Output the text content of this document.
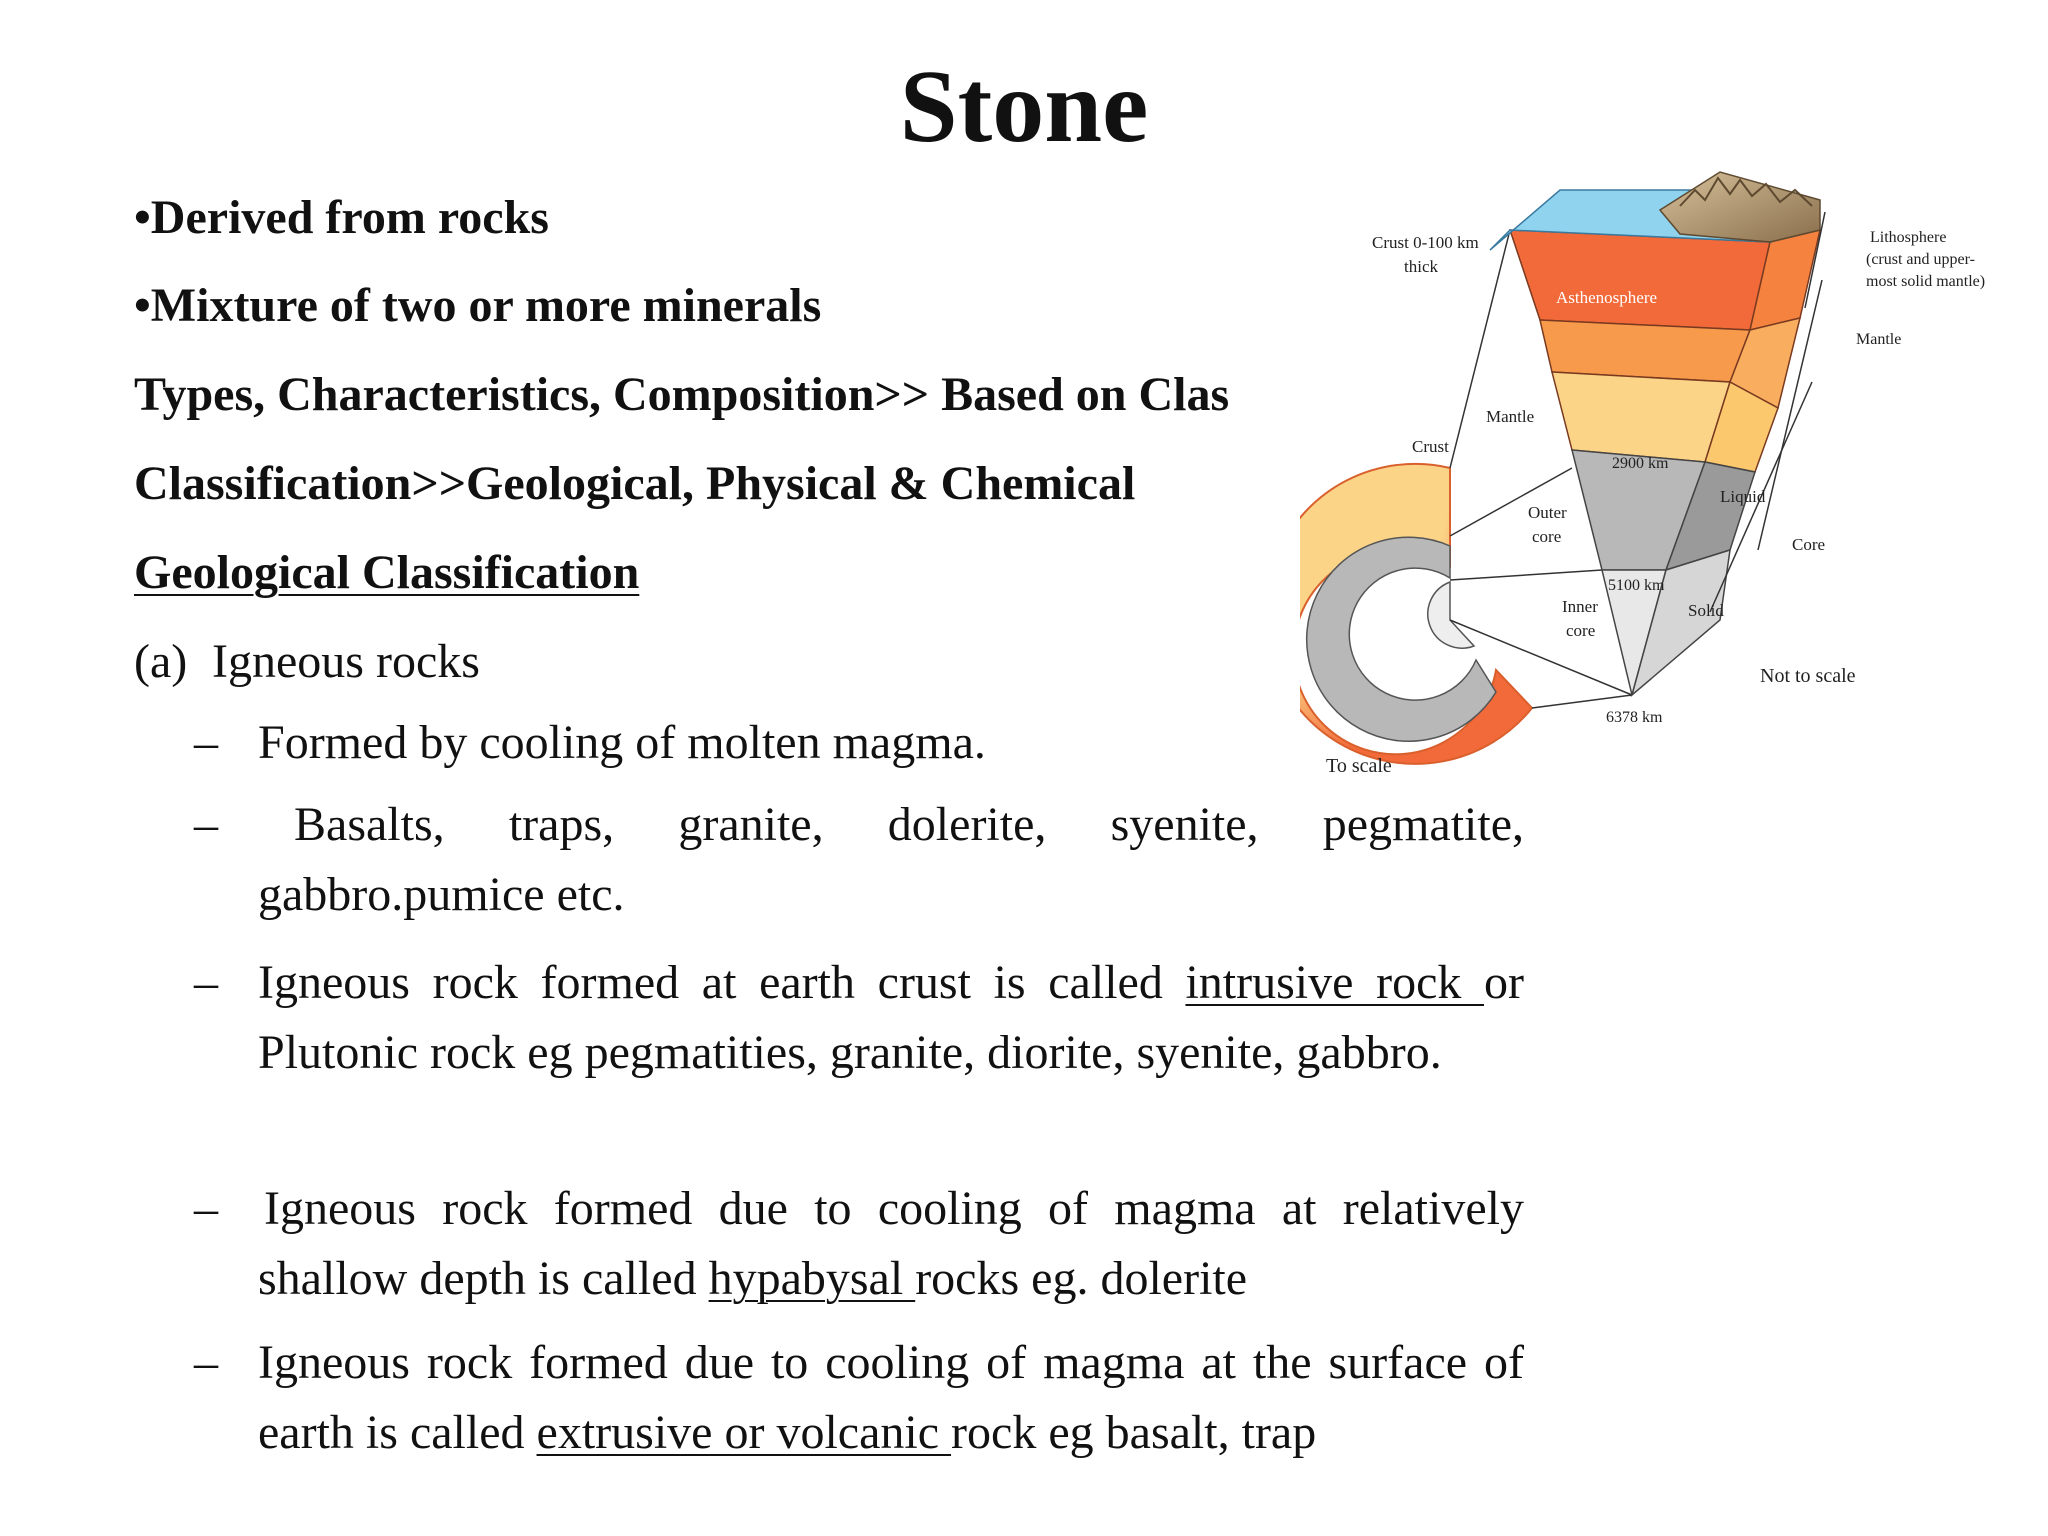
Stone
•Derived from rocks
•Mixture of two or more minerals
Types, Characteristics, Composition>> Based on Clas
Classification>>Geological, Physical & Chemical
Geological Classification
(a) Igneous rocks
– Formed by cooling of molten magma.
–	Basalts, traps, granite, dolerite, syenite, pegmatite, gabbro.pumice etc.
– Igneous rock formed at earth crust is called intrusive rock or Plutonic rock eg pegmatities, granite, diorite, syenite, gabbro.
– Igneous rock formed due to cooling of magma at relatively shallow depth is called hypabysal rocks eg. dolerite
– Igneous rock formed due to cooling of magma at the surface of earth is called extrusive or volcanic rock eg basalt, trap
Crust 0-100 km
thick
Asthenosphere
Mantle
Crust
2900 km
Liquid
Outer
core
5100 km
Inner
core
Solid
6378 km
To scale
Not to scale
Lithosphere
(crust and upper-
most solid mantle)
Mantle
Core
